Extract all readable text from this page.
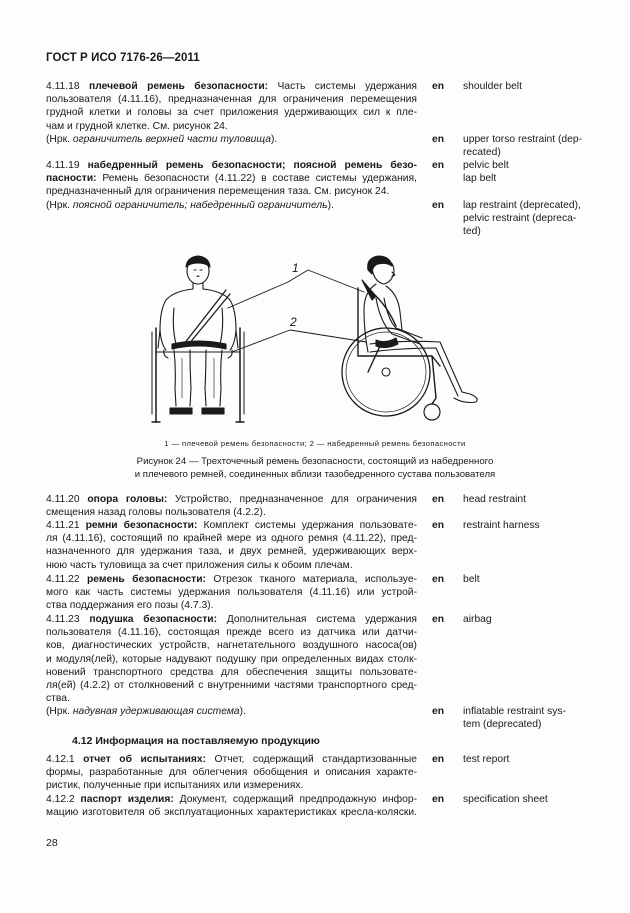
ГОСТ Р ИСО 7176-26—2011
4.11.18 плечевой ремень безопасности: Часть системы удержания
пользователя (4.11.16), предназначенная для ограничения перемещения
грудной клетки и головы за счет приложения удерживающих сил к пле-
чам и грудной клетке. См. рисунок 24.
(Нрк. ограничитель верхней части туловища).
en shoulder belt
en upper torso restraint (dep-
recated)
4.11.19 набедренный ремень безопасности; поясной ремень безо-
пасности: Ремень безопасности (4.11.22) в составе системы удержания,
предназначенный для ограничения перемещения таза. См. рисунок 24.
(Нрк. поясной ограничитель; набедренный ограничитель).
en pelvic belt
lap belt
en lap restraint (deprecated),
pelvic restraint (depreca-
ted)
1
2
1 — плечевой ремень безопасности; 2 — набедренный ремень безопасности
Рисунок 24 — Трехточечный ремень безопасности, состоящий из набедренного
и плечевого ремней, соединенных вблизи тазобедренного сустава пользователя
4.11.20 опора головы: Устройство, предназначенное для ограничения
смещения назад головы пользователя (4.2.2).
en head restraint
4.11.21 ремни безопасности: Комплект системы удержания пользовате-
ля (4.11.16), состоящий по крайней мере из одного ремня (4.11.22), пред-
назначенного для удержания таза, и двух ремней, удерживающих верх-
нюю часть туловища за счет приложения силы к обоим плечам.
en restraint harness
4.11.22 ремень безопасности: Отрезок тканого материала, используе-
мого как часть системы удержания пользователя (4.11.16) или устрой-
ства поддержания его позы (4.7.3).
en belt
4.11.23 подушка безопасности: Дополнительная система удержания
пользователя (4.11.16), состоящая прежде всего из датчика или датчи-
ков, диагностических устройств, нагнетательного воздушного насоса(ов)
и модуля(лей), которые надувают подушку при определенных видах столк-
новений транспортного средства для обеспечения защиты пользовате-
ля(ей) (4.2.2) от столкновений с внутренними частями транспортного сред-
ства.
(Нрк. надувная удерживающая система).
en airbag
en inflatable restraint sys-
tem (deprecated)
4.12 Информация на поставляемую продукцию
4.12.1 отчет об испытаниях: Отчет, содержащий стандартизованные
формы, разработанные для облегчения обобщения и описания характе-
ристик, полученные при испытаниях или измерениях.
en test report
4.12.2 паспорт изделия: Документ, содержащий предпродажную инфор-
мацию изготовителя об эксплуатационных характеристиках кресла-коляски.
en specification sheet
28
